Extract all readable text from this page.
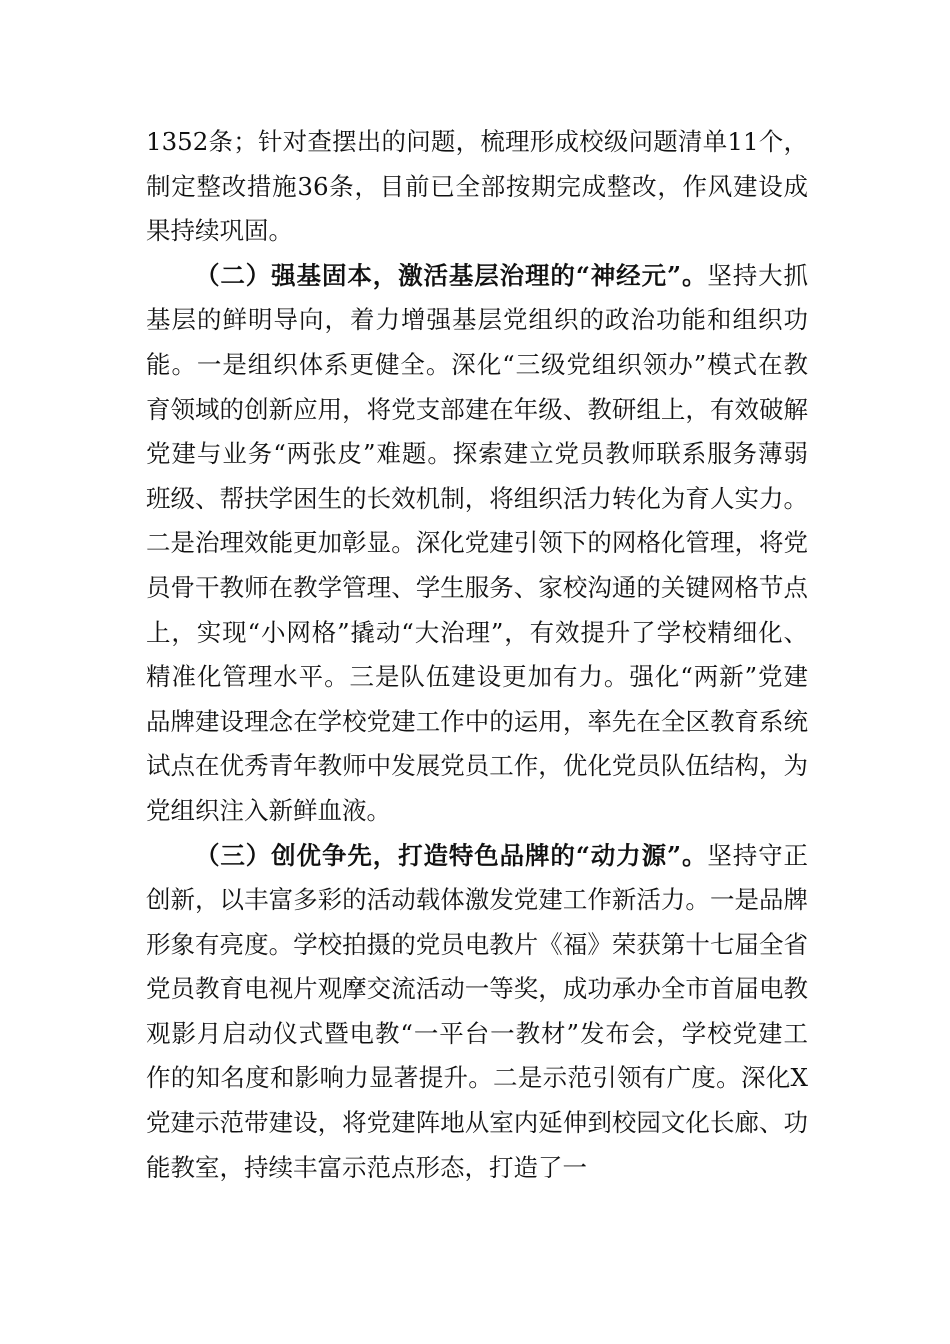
1352条；针对查摆出的问题，梳理形成校级问题清单11个，制定整改措施36条，目前已全部按期完成整改，作风建设成果持续巩固。

（二）强基固本，激活基层治理的“神经元”。坚持大抓基层的鲜明导向，着力增强基层党组织的政治功能和组织功能。一是组织体系更健全。深化“三级党组织领办”模式在教育领域的创新应用，将党支部建在年级、教研组上，有效破解党建与业务“两张皮”难题。探索建立党员教师联系服务薄弱班级、帮扶学困生的长效机制，将组织活力转化为育人实力。二是治理效能更加彰显。深化党建引领下的网格化管理，将党员骨干教师在教学管理、学生服务、家校沟通的关键网格节点上，实现“小网格”撬动“大治理”，有效提升了学校精细化、精准化管理水平。三是队伍建设更加有力。强化“两新”党建品牌建设理念在学校党建工作中的运用，率先在全区教育系统试点在优秀青年教师中发展党员工作，优化党员队伍结构，为党组织注入新鲜血液。

（三）创优争先，打造特色品牌的“动力源”。坚持守正创新，以丰富多彩的活动载体激发党建工作新活力。一是品牌形象有亮度。学校拍摄的党员电教片《福》荣获第十七届全省党员教育电视片观摩交流活动一等奖，成功承办全市首届电教观影月启动仪式暨电教“一平台一教材”发布会，学校党建工作的知名度和影响力显著提升。二是示范引领有广度。深化X党建示范带建设，将党建阵地从室内延伸到校园文化长廊、功能教室，持续丰富示范点形态，打造了一
